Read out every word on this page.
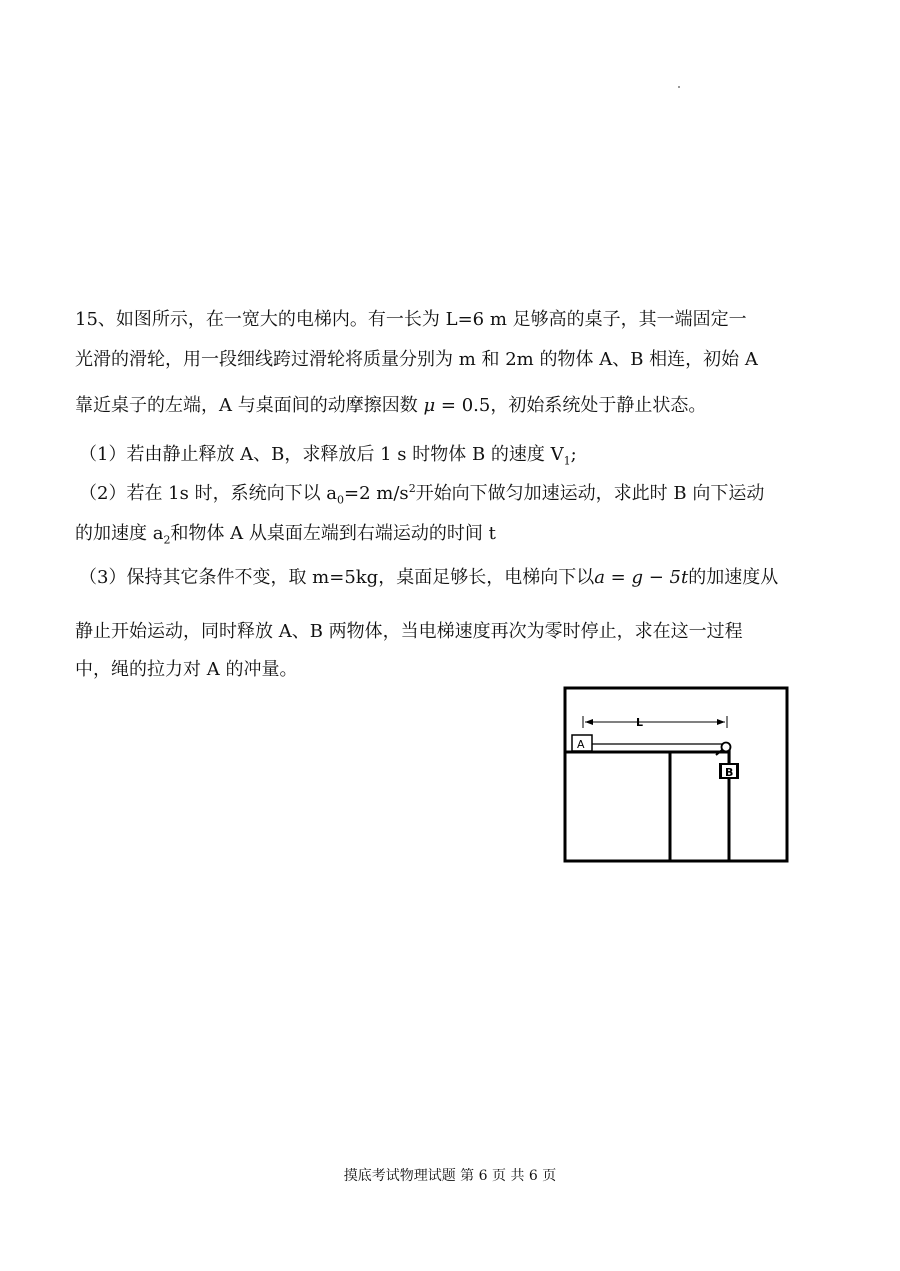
15、如图所示，在一宽大的电梯内。有一长为 L=6 m 足够高的桌子，其一端固定一
光滑的滑轮，用一段细线跨过滑轮将质量分别为 m 和 2m 的物体 A、B 相连，初始 A
靠近桌子的左端，A 与桌面间的动摩擦因数 μ = 0.5，初始系统处于静止状态。
（1）若由静止释放 A、B，求释放后 1 s 时物体 B 的速度 $V_1$;
（2）若在 1s 时，系统向下以 $a_0=2$ $m/s^2$开始向下做匀加速运动，求此时 B 向下运动
的加速度 $a_2$和物体 A 从桌面左端到右端运动的时间 t
（3）保持其它条件不变，取 m=5kg，桌面足够长，电梯向下以a = g − 5t的加速度从
静止开始运动，同时释放 A、B 两物体，当电梯速度再次为零时停止，求在这一过程
中，绳的拉力对 A 的冲量。
L
A
B
摸底考试物理试题 第 6 页 共 6 页
